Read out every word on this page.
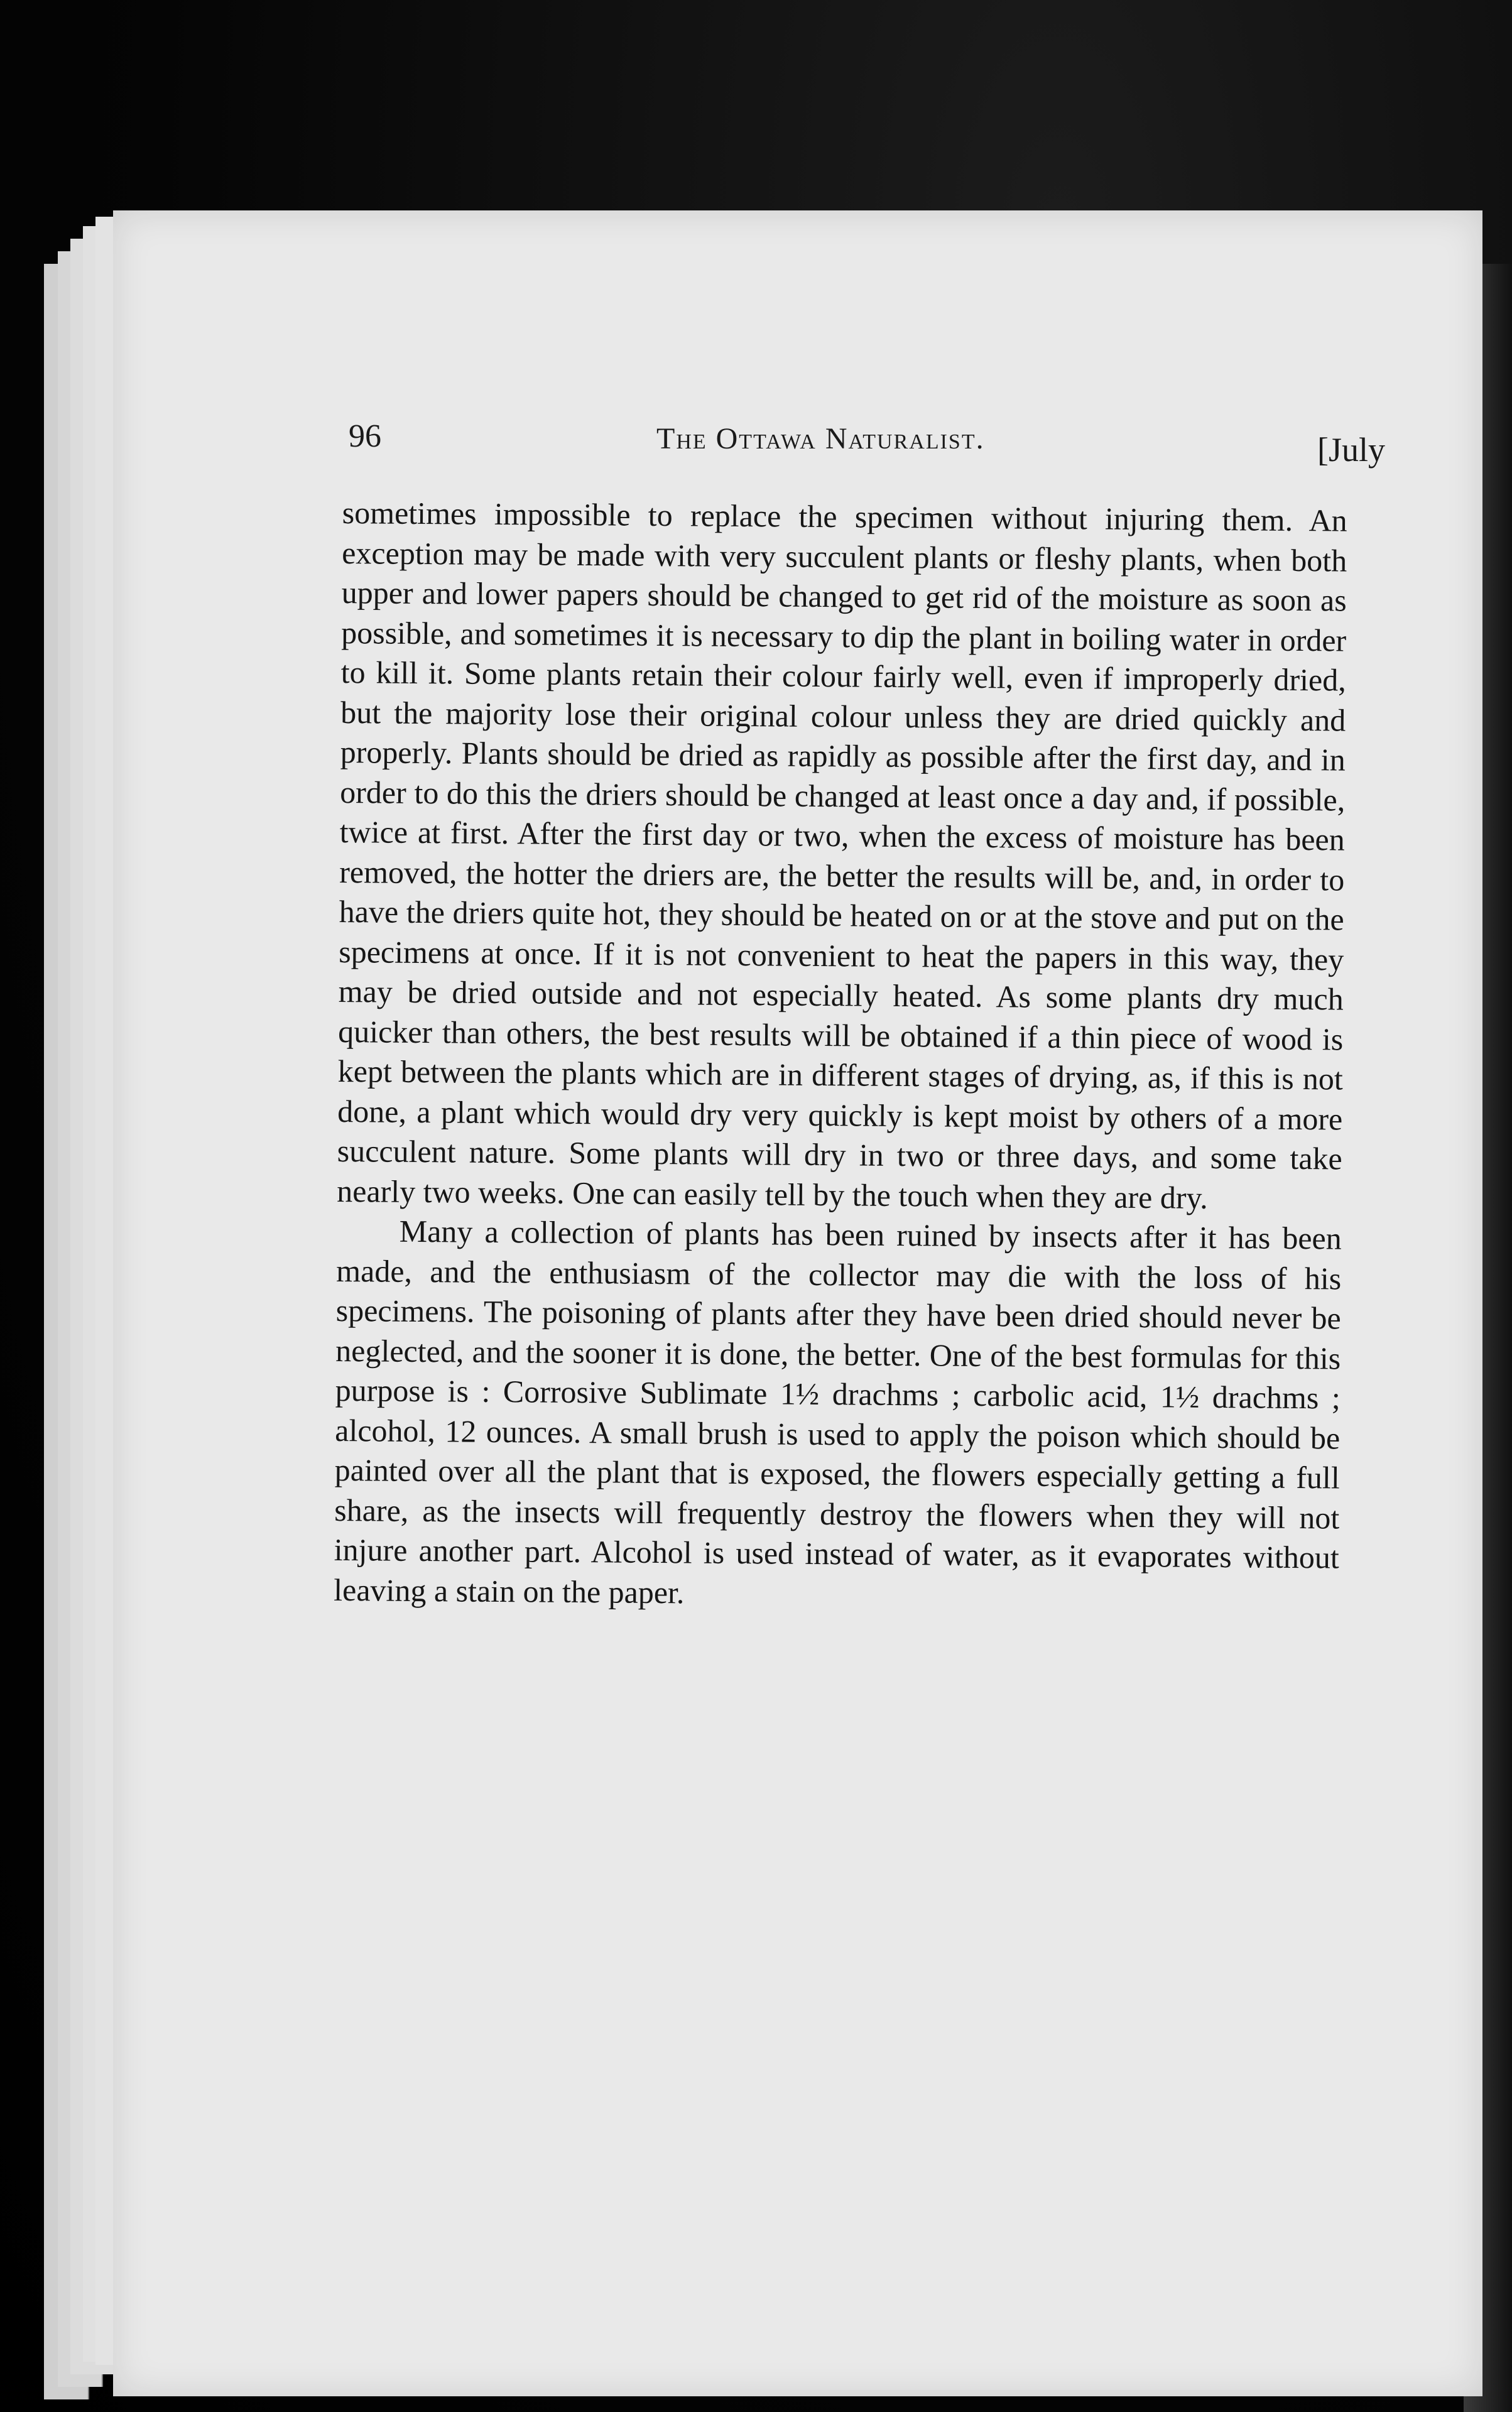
96	The Ottawa Naturalist.	[July

sometimes impossible to replace the specimen without injuring them. An exception may be made with very succulent plants or fleshy plants, when both upper and lower papers should be changed to get rid of the moisture as soon as possible, and sometimes it is necessary to dip the plant in boiling water in order to kill it. Some plants retain their colour fairly well, even if improperly dried, but the majority lose their original colour unless they are dried quickly and properly. Plants should be dried as rapidly as possible after the first day, and in order to do this the driers should be changed at least once a day and, if possible, twice at first. After the first day or two, when the excess of moisture has been removed, the hotter the driers are, the better the results will be, and, in order to have the driers quite hot, they should be heated on or at the stove and put on the specimens at once. If it is not convenient to heat the papers in this way, they may be dried outside and not especially heated. As some plants dry much quicker than others, the best results will be obtained if a thin piece of wood is kept between the plants which are in different stages of drying, as, if this is not done, a plant which would dry very quickly is kept moist by others of a more succulent nature. Some plants will dry in two or three days, and some take nearly two weeks. One can easily tell by the touch when they are dry.

Many a collection of plants has been ruined by insects after it has been made, and the enthusiasm of the collector may die with the loss of his specimens. The poisoning of plants after they have been dried should never be neglected, and the sooner it is done, the better. One of the best formulas for this purpose is : Corrosive Sublimate 1½ drachms ; carbolic acid, 1½ drachms ; alcohol, 12 ounces. A small brush is used to apply the poison which should be painted over all the plant that is exposed, the flowers especially getting a full share, as the insects will frequently destroy the flowers when they will not injure another part. Alcohol is used instead of water, as it evaporates without leaving a stain on the paper.
